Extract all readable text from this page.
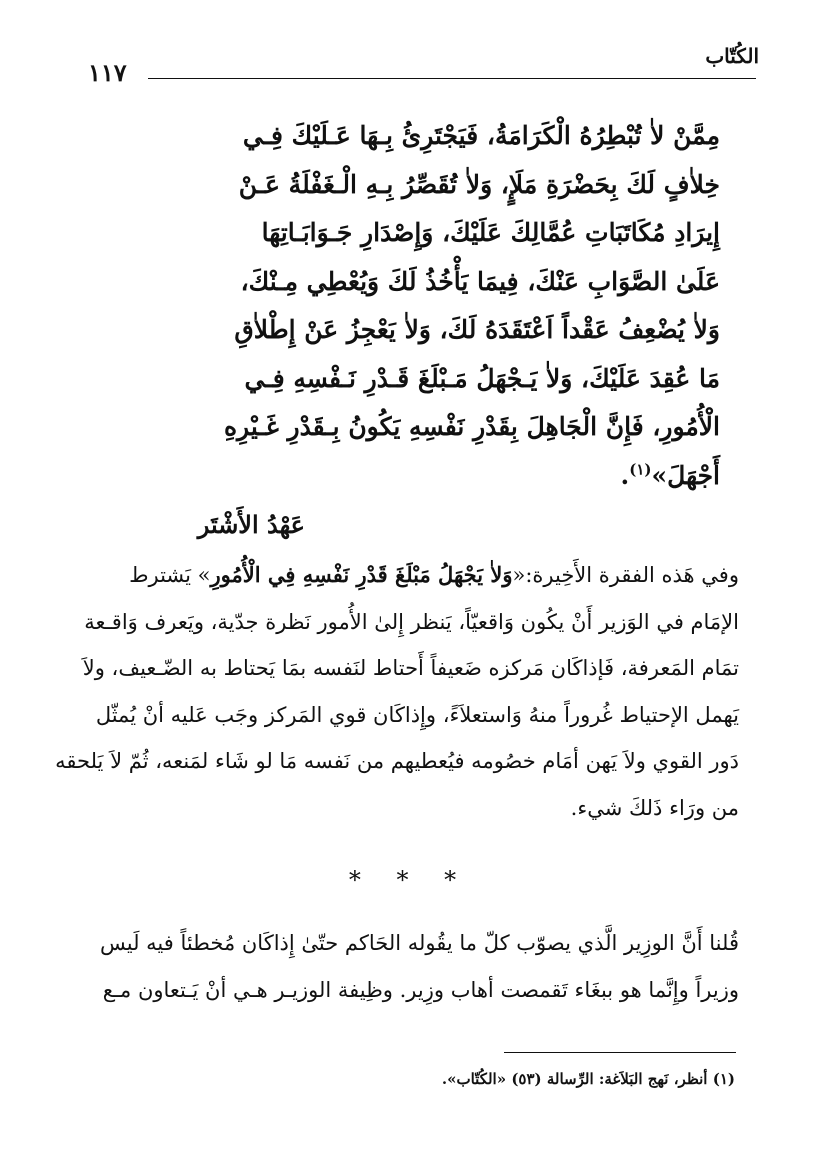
الكُتّاب
١١٧
مِمَّنْ لاٰ تُبْطِرُهُ الْكَرَامَةُ، فَيَجْتَرِئُ بِـهَا عَـلَيْكَ فِـي
خِلاٰفٍ لَكَ بِحَضْرَةِ مَلَإٍ، وَلاٰ تُقَصِّرُ بِـهِ الْـغَفْلَةُ عَـنْ
إِيرَادِ مُكَاتَبَاتِ عُمَّالِكَ عَلَيْكَ، وَإِصْدَارِ جَـوَابَـاتِهَا
عَلَىٰ الصَّوَابِ عَنْكَ، فِيمَا يَأْخُذُ لَكَ وَيُعْطِي مِـنْكَ،
وَلاٰ يُضْعِفُ عَقْداً اَعْتَقَدَهُ لَكَ، وَلاٰ يَعْجِزُ عَنْ إِطْلاٰقِ
مَا عُقِدَ عَلَيْكَ، وَلاٰ يَـجْهَلُ مَـبْلَغَ قَـدْرِ نَـفْسِهِ فِـي
الْأُمُورِ، فَإِنَّ الْجَاهِلَ بِقَدْرِ نَفْسِهِ يَكُونُ بِـقَدْرِ غَـيْرِهِ
أَجْهَلَ»$^{(١)}$.
عَهْدُ الأَشْتَر
وفي هَذه الفقرة الأَخِيرة:«وَلاٰ يَجْهَلُ مَبْلَغَ قَدْرِ نَفْسِهِ فِي الْأُمُورِ» يَشترط
الإمَام في الوَزير أَنْ يكُون وَاقعيّاً، يَنظر إِلىٰ الأُمور نَظرة جدّية، ويَعرف وَاقـعة
تمَام المَعرفة، فَإذاكَان مَركزه ضَعيفاً أَحتاط لنَفسه بمَا يَحتاط به الضّـعيف، ولاَ
يَهمل الإحتياط غُروراً منهُ وَاستعلاَءً، وإِذاكَان قوي المَركز وجَب عَليه أنْ يُمثّل
دَور القوي ولاَ يَهن أمَام خصُومه فيُعطيهم من نَفسه مَا لو شَاء لمَنعه، ثُمّ لاَ يَلحقه
من ورَاء ذَلكَ شيء.
* * *
قُلنا أَنَّ الوزِير الَّذي يصوّب كلّ ما يقُوله الحَاكم حتّىٰ إِذاكَان مُخطئاً فيه لَيس
وزيراً وإِنَّما هو ببغَاء تَقمصت أهاب وزِير. وظِيفة الوزيـر هـي أنْ يَـتعاون مـع
(١) أنظر، نَهج البَلاَغة: الرِّسالة (٥٣) «الكُتّاب».
